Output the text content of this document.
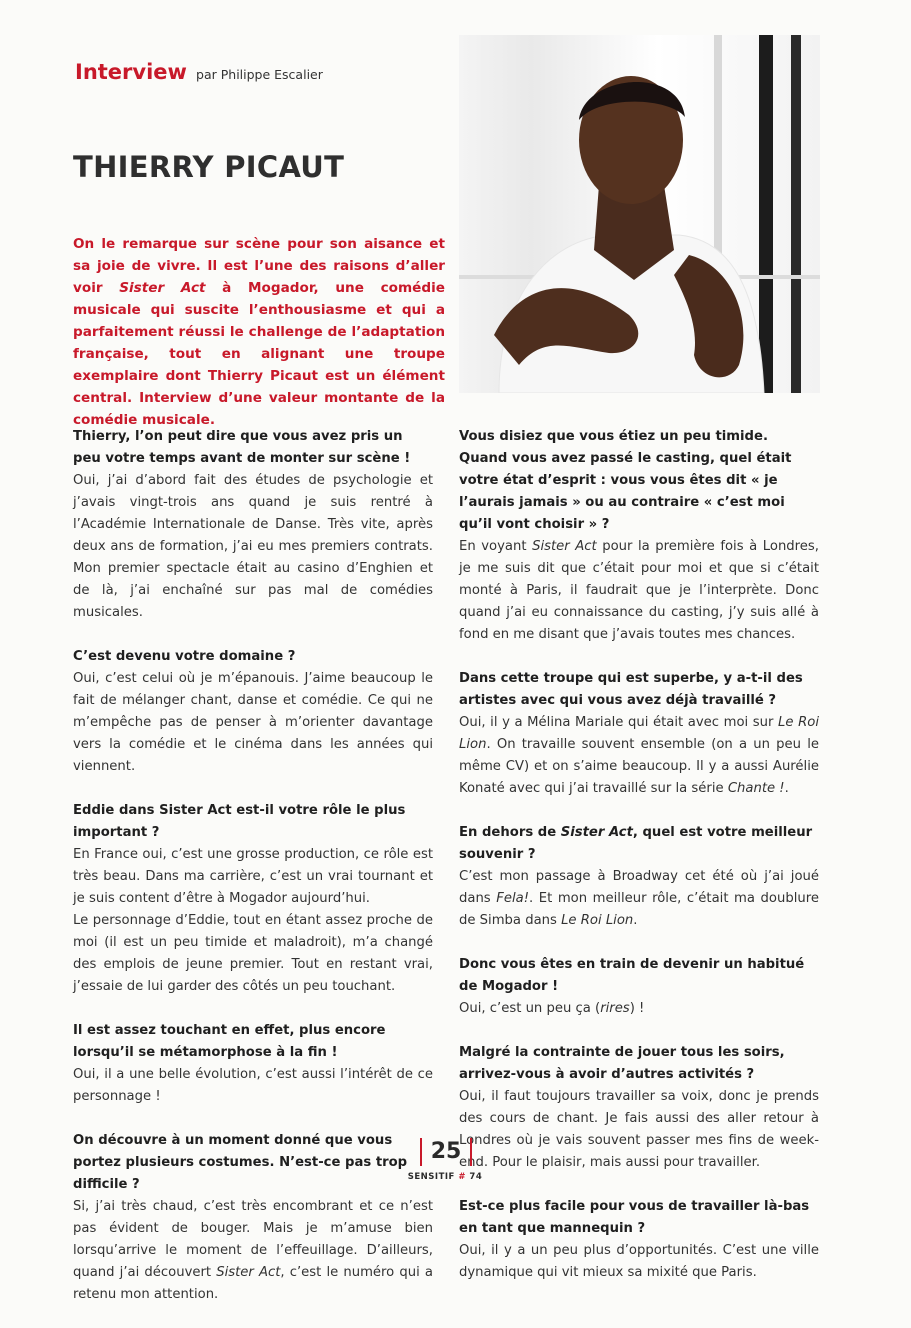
Interview par Philippe Escalier
THIERRY PICAUT
On le remarque sur scène pour son aisance et sa joie de vivre. Il est l’une des raisons d’aller voir Sister Act à Mogador, une comédie musicale qui suscite l’enthousiasme et qui a parfaitement réussi le challenge de l’adaptation française, tout en alignant une troupe exemplaire dont Thierry Picaut est un élément central. Interview d’une valeur montante de la comédie musicale.
Thierry, l’on peut dire que vous avez pris un peu votre temps avant de monter sur scène !
Oui, j’ai d’abord fait des études de psychologie et j’avais vingt-trois ans quand je suis rentré à l’Académie Internationale de Danse. Très vite, après deux ans de formation, j’ai eu mes premiers contrats. Mon premier spectacle était au casino d’Enghien et de là, j’ai enchaîné sur pas mal de comédies musicales.
C’est devenu votre domaine ?
Oui, c’est celui où je m’épanouis. J’aime beaucoup le fait de mélanger chant, danse et comédie. Ce qui ne m’empêche pas de penser à m’orienter davantage vers la comédie et le cinéma dans les années qui viennent.
Eddie dans Sister Act est-il votre rôle le plus important ?
En France oui, c’est une grosse production, ce rôle est très beau. Dans ma carrière, c’est un vrai tournant et je suis content d’être à Mogador aujourd’hui.
Le personnage d’Eddie, tout en étant assez proche de moi (il est un peu timide et maladroit), m’a changé des emplois de jeune premier. Tout en restant vrai, j’essaie de lui garder des côtés un peu touchant.
Il est assez touchant en effet, plus encore lorsqu’il se métamorphose à la fin !
Oui, il a une belle évolution, c’est aussi l’intérêt de ce personnage !
On découvre à un moment donné que vous portez plusieurs costumes. N’est-ce pas trop difficile ?
Si, j’ai très chaud, c’est très encombrant et ce n’est pas évident de bouger. Mais je m’amuse bien lorsqu’arrive le moment de l’effeuillage. D’ailleurs, quand j’ai découvert Sister Act, c’est le numéro qui a retenu mon attention.
Vous disiez que vous étiez un peu timide. Quand vous avez passé le casting, quel était votre état d’esprit : vous vous êtes dit « je l’aurais jamais » ou au contraire « c’est moi qu’il vont choisir » ?
En voyant Sister Act pour la première fois à Londres, je me suis dit que c’était pour moi et que si c’était monté à Paris, il faudrait que je l’interprète. Donc quand j’ai eu connaissance du casting, j’y suis allé à fond en me disant que j’avais toutes mes chances.
Dans cette troupe qui est superbe, y a-t-il des artistes avec qui vous avez déjà travaillé ?
Oui, il y a Mélina Mariale qui était avec moi sur Le Roi Lion. On travaille souvent ensemble (on a un peu le même CV) et on s’aime beaucoup. Il y a aussi Aurélie Konaté avec qui j’ai travaillé sur la série Chante !.
En dehors de Sister Act, quel est votre meilleur souvenir ?
C’est mon passage à Broadway cet été où j’ai joué dans Fela!. Et mon meilleur rôle, c’était ma doublure de Simba dans Le Roi Lion.
Donc vous êtes en train de devenir un habitué de Mogador !
Oui, c’est un peu ça (rires) !
Malgré la contrainte de jouer tous les soirs, arrivez-vous à avoir d’autres activités ?
Oui, il faut toujours travailler sa voix, donc je prends des cours de chant. Je fais aussi des aller retour à Londres où je vais souvent passer mes fins de week-end. Pour le plaisir, mais aussi pour travailler.
Est-ce plus facile pour vous de travailler là-bas en tant que mannequin ?
Oui, il y a un peu plus d’opportunités. C’est une ville dynamique qui vit mieux sa mixité que Paris.
25
SENSITIF # 74
